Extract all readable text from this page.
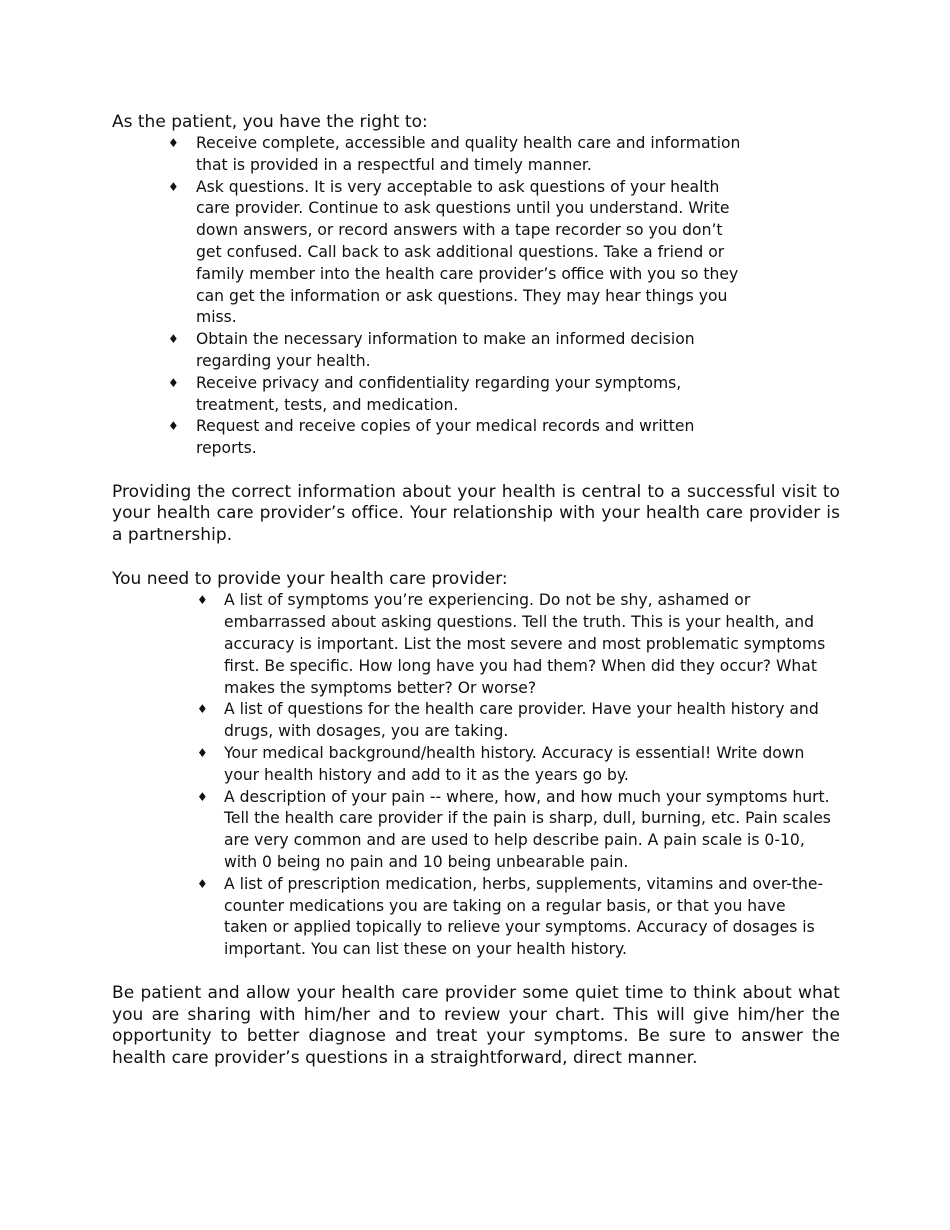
As the patient, you have the right to:

♦ Receive complete, accessible and quality health care and information that is provided in a respectful and timely manner.
♦ Ask questions. It is very acceptable to ask questions of your health care provider. Continue to ask questions until you understand. Write down answers, or record answers with a tape recorder so you don’t get confused. Call back to ask additional questions. Take a friend or family member into the health care provider’s office with you so they can get the information or ask questions. They may hear things you miss.
♦ Obtain the necessary information to make an informed decision regarding your health.
♦ Receive privacy and confidentiality regarding your symptoms, treatment, tests, and medication.
♦ Request and receive copies of your medical records and written reports.

Providing the correct information about your health is central to a successful visit to your health care provider’s office. Your relationship with your health care provider is a partnership.

You need to provide your health care provider:

♦ A list of symptoms you’re experiencing. Do not be shy, ashamed or embarrassed about asking questions. Tell the truth. This is your health, and accuracy is important. List the most severe and most problematic symptoms first. Be specific. How long have you had them? When did they occur? What makes the symptoms better? Or worse?
♦ A list of questions for the health care provider. Have your health history and drugs, with dosages, you are taking.
♦ Your medical background/health history. Accuracy is essential! Write down your health history and add to it as the years go by.
♦ A description of your pain -- where, how, and how much your symptoms hurt. Tell the health care provider if the pain is sharp, dull, burning, etc. Pain scales are very common and are used to help describe pain. A pain scale is 0-10, with 0 being no pain and 10 being unbearable pain.
♦ A list of prescription medication, herbs, supplements, vitamins and over-the-counter medications you are taking on a regular basis, or that you have taken or applied topically to relieve your symptoms. Accuracy of dosages is important. You can list these on your health history.

Be patient and allow your health care provider some quiet time to think about what you are sharing with him/her and to review your chart. This will give him/her the opportunity to better diagnose and treat your symptoms. Be sure to answer the health care provider’s questions in a straightforward, direct manner.
